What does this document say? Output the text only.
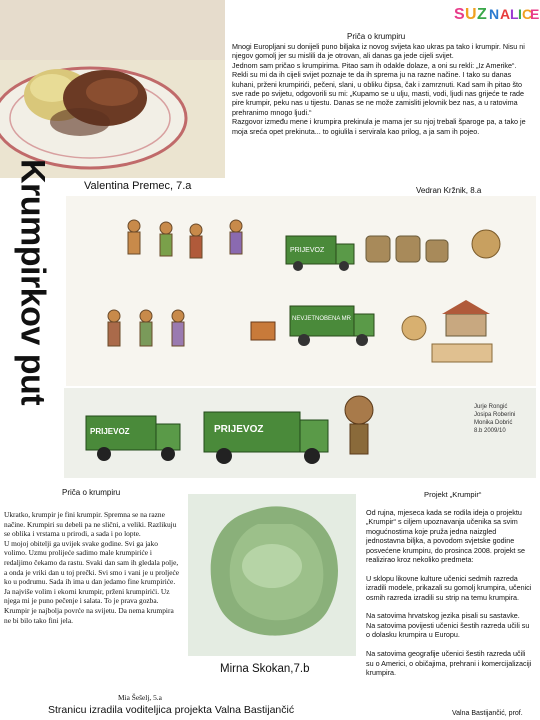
S U Z N A L I C
E
Priča o krumpiru
Mnogi Europljani su donijeli puno biljaka iz novog svijeta kao ukras pa tako i krumpir. Nisu ni njegov gomolj jer su mislili da je otrovan, ali danas ga jede cijeli svijet.
Jednom sam pričao s krumpirima. Pitao sam ih odakle dolaze, a oni su rekli: „Iz Amerike“. Rekli su mi da ih cijeli svijet poznaje te da ih sprema ju na razne načine. I tako su danas kuhani, prženi krumpirići, pečeni, slani, u obliku čipsa, čak i zamrznuti. Kad sam ih pitao što sve rade po svijetu, odgovorili su mi: „Kupamo se u ulju, masti, vodi, ljudi nas grijeće te rade pire krumpir, peku nas u tijestu. Danas se ne može zamisliti jelovnik bez nas, a u ratovima prehranimo mnogo ljudi.“
Razgovor između mene i krumpira prekinula je mama jer su njoj trebali šparoge pa, a tako je moja sreća opet prekinuta... to ogiulila i servirala kao prilog, a ja sam ih pojeo.
Vedran Kržnik, 8.a
Valentina Premec, 7.a
Krumpirkov put	PRIJEVOZ
NEVJETNOBENA MR
PRIJEVOZ	PRIJEVOZ
Jurje Rongić Josipa Roberini Monika Dobrić 8.b 2009/10
Priča o krumpiru
Ukratko, krumpir je fini krumpir. Spremna se na razne načine. Krumpiri su debeli pa ne slični, a veliki. Razlikuju se oblika i vrstama u prirodi, a sada i po lopte.
U mojoj obitelji ga uvijek svake godine. Svi ga jako volimo. Uzmu prolijeće sadimo male krumpiriće i redaljimo čekamo da rastu. Svaki dan sam ih gledala polje, a onda je vriki dan u toj prečki. Svi smo i vani je u proljeće ko u podrumu. Sada ih ima u dan jedamo fine krumpiriće. Ja najviše volim i ekorni krumpir, prženi krumpirići. Uz njega mi je puno pečenje i salata. To je prava gozba.
Krumpir je najbolja povrće na svijetu. Da nema krumpira ne bi bilo tako fini jela.
Mia Šešelj, 5.a
Mirna Skokan,7.b
Projekt „Krumpir“
Od rujna, mjeseca kada se rodila ideja o projektu „Krumpir“ s ciljem upoznavanja učenika sa svim mogućnostima koje pruža jedna naizgled jednostavna biljka, a povodom svjetske godine posvećene krumpiru, do prosinca 2008. projekt se realizirao kroz nekoliko predmeta:

U sklopu likovne kulture učenici sedmih razreda izradili modele, prikazali su gomolj krumpira, učenici osmih razreda izradili su strip na temu krumpira.

Na satovima hrvatskog jezika pisali su sastavke.
Na satovima povijesti učenici šestih razreda učili su o dolasku krumpira u Europu.

Na satovima geografije učenici šestih razreda učili su o Americi, o običajima, prehrani i komercijalizaciji krumpira.
Valna Bastijančić, prof.
Stranicu izradila voditeljica projekta Valna Bastijančić
